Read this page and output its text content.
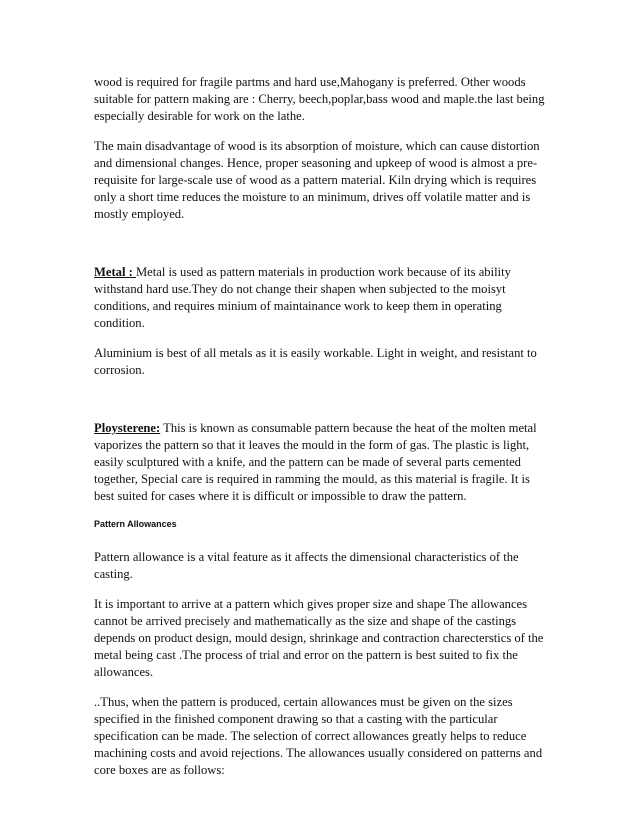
wood is required for fragile partms and hard use,Mahogany is preferred. Other woods suitable for pattern making are : Cherry, beech,poplar,bass wood and maple.the last being especially desirable for work on the lathe.

The main disadvantage of wood is its absorption of moisture, which can cause distortion and dimensional changes. Hence, proper seasoning and upkeep of wood is almost a pre-requisite for large-scale use of wood as a pattern material. Kiln drying which is requires only a short time reduces the moisture to an minimum, drives off volatile matter and is mostly employed.

Metal : Metal is used as pattern materials in production work because of its ability withstand hard use.They do not change their shapen when subjected to the moisyt conditions, and requires minium of maintainance work to keep them in operating condition.

Aluminium is best of all metals as it is easily workable. Light in weight, and resistant to corrosion.

Ploysterene: This is known as consumable pattern because the heat of the molten metal vaporizes the pattern so that it leaves the mould in the form of gas. The plastic is light, easily sculptured with a knife, and the pattern can be made of several parts cemented together, Special care is required in ramming the mould, as this material is fragile. It is best suited for cases where it is difficult or impossible to draw the pattern.

Pattern Allowances

Pattern allowance is a vital feature as it affects the dimensional characteristics of the casting.

It is important to arrive at a pattern which gives proper size and shape The allowances cannot be arrived precisely and mathematically as the size and shape of the castings depends on product design, mould design, shrinkage and contraction charecterstics of the metal being cast .The process of trial and error on the pattern is best suited to fix the allowances.

..Thus, when the pattern is produced, certain allowances must be given on the sizes specified in the finished component drawing so that a casting with the particular specification can be made. The selection of correct allowances greatly helps to reduce machining costs and avoid rejections. The allowances usually considered on patterns and core boxes are as follows:
